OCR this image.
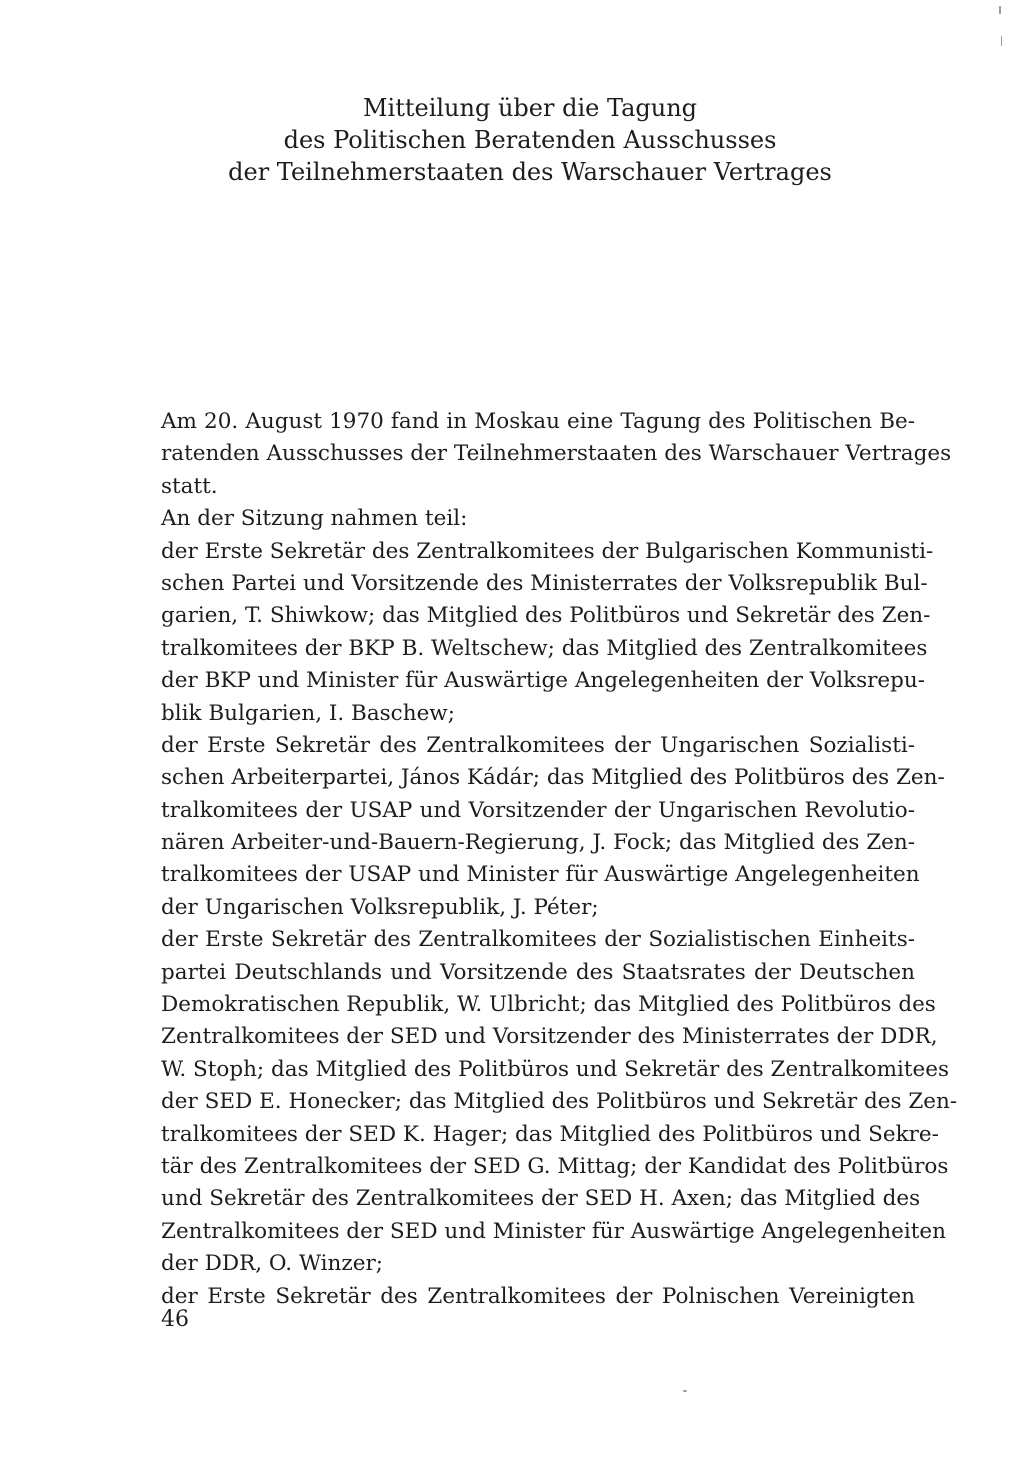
Mitteilung über die Tagung
des Politischen Beratenden Ausschusses
der Teilnehmerstaaten des Warschauer Vertrages
Am 20. August 1970 fand in Moskau eine Tagung des Politischen Be-
ratenden Ausschusses der Teilnehmerstaaten des Warschauer Vertrages
statt.
An der Sitzung nahmen teil:
der Erste Sekretär des Zentralkomitees der Bulgarischen Kommunisti-
schen Partei und Vorsitzende des Ministerrates der Volksrepublik Bul-
garien, T. Shiwkow; das Mitglied des Politbüros und Sekretär des Zen-
tralkomitees der BKP B. Weltschew; das Mitglied des Zentralkomitees
der BKP und Minister für Auswärtige Angelegenheiten der Volksrepu-
blik Bulgarien, I. Baschew;
der Erste Sekretär des Zentralkomitees der Ungarischen Sozialisti-
schen Arbeiterpartei, János Kádár; das Mitglied des Politbüros des Zen-
tralkomitees der USAP und Vorsitzender der Ungarischen Revolutio-
nären Arbeiter-und-Bauern-Regierung, J. Fock; das Mitglied des Zen-
tralkomitees der USAP und Minister für Auswärtige Angelegenheiten
der Ungarischen Volksrepublik, J. Péter;
der Erste Sekretär des Zentralkomitees der Sozialistischen Einheits-
partei Deutschlands und Vorsitzende des Staatsrates der Deutschen
Demokratischen Republik, W. Ulbricht; das Mitglied des Politbüros des
Zentralkomitees der SED und Vorsitzender des Ministerrates der DDR,
W. Stoph; das Mitglied des Politbüros und Sekretär des Zentralkomitees
der SED E. Honecker; das Mitglied des Politbüros und Sekretär des Zen-
tralkomitees der SED K. Hager; das Mitglied des Politbüros und Sekre-
tär des Zentralkomitees der SED G. Mittag; der Kandidat des Politbüros
und Sekretär des Zentralkomitees der SED H. Axen; das Mitglied des
Zentralkomitees der SED und Minister für Auswärtige Angelegenheiten
der DDR, O. Winzer;
der Erste Sekretär des Zentralkomitees der Polnischen Vereinigten
46
